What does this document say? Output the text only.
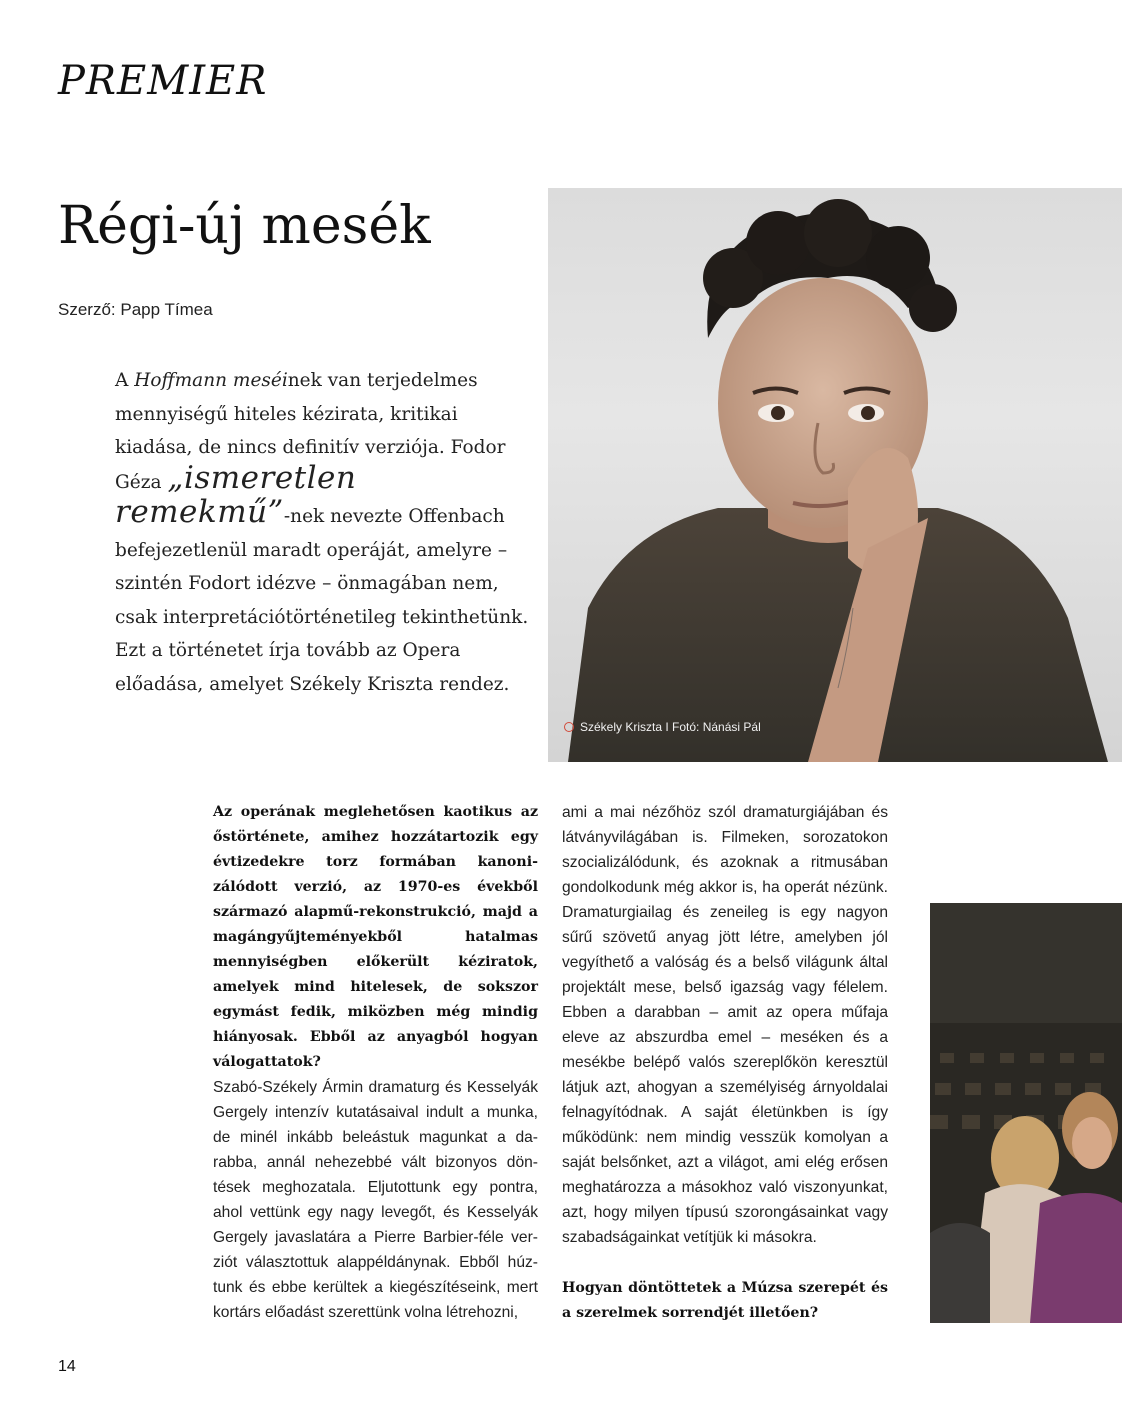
PREMIER
Régi-új mesék
Szerző: Papp Tímea

A Hoffmann meséinek van terjedelmes mennyiségű hiteles kézirata, kritikai kiadása, de nincs definitív verziója. Fodor Géza „ismeretlen remekmű”-nek nevezte Offenbach befejezetlenül maradt operáját, amelyre – szintén Fodort idézve – önmagában nem, csak interpretációtörténetileg tekinthetünk. Ezt a történetet írja tovább az Opera előadása, amelyet Székely Kriszta rendez.

Székely Kriszta I Fotó: Nánási Pál

Az operának meglehetősen kaotikus az őstörténete, amihez hozzátartozik egy évtizedekre torz formában kanonizálódott verzió, az 1970-es évekből származó alapmű-rekonstrukció, majd a magángyűjteményekből hatalmas mennyiségben előkerült kéziratok, amelyek mind hitelesek, de sokszor egymást fedik, miközben még mindig hiányosak. Ebből az anyagból hogyan válogattatok?

Szabó-Székely Ármin dramaturg és Kesselyák Gergely intenzív kutatásaival indult a munka, de minél inkább beleástuk magunkat a darabba, annál nehezebbé vált bizonyos döntések meghozatala. Eljutottunk egy pontra, ahol vettünk egy nagy levegőt, és Kesselyák Gergely javaslatára a Pierre Barbier-féle verziót választottuk alappéldánynak. Ebből húztunk és ebbe kerültek a kiegészítéseink, mert kortárs előadást szerettünk volna létrehozni,

ami a mai nézőhöz szól dramaturgiájában és látványvilágában is. Filmeken, sorozatokon szocializálódunk, és azoknak a ritmusában gondolkodunk még akkor is, ha operát nézünk. Dramaturgiailag és zeneileg is egy nagyon sűrű szövetű anyag jött létre, amelyben jól vegyíthető a valóság és a belső világunk által projektált mese, belső igazság vagy félelem. Ebben a darabban – amit az opera műfaja eleve az abszurdba emel – meséken és a mesékbe belépő valós szereplőkön keresztül látjuk azt, ahogyan a személyiség árnyoldalai felnagyítódnak. A saját életünkben is így működünk: nem mindig vesszük komolyan a saját belsőnket, azt a világot, ami elég erősen meghatározza a másokhoz való viszonyunkat, azt, hogy milyen típusú szorongásainkat vagy szabadságainkat vetítjük ki másokra.

Hogyan döntöttetek a Múzsa szerepét és a szerelmek sorrendjét illetően?

14
